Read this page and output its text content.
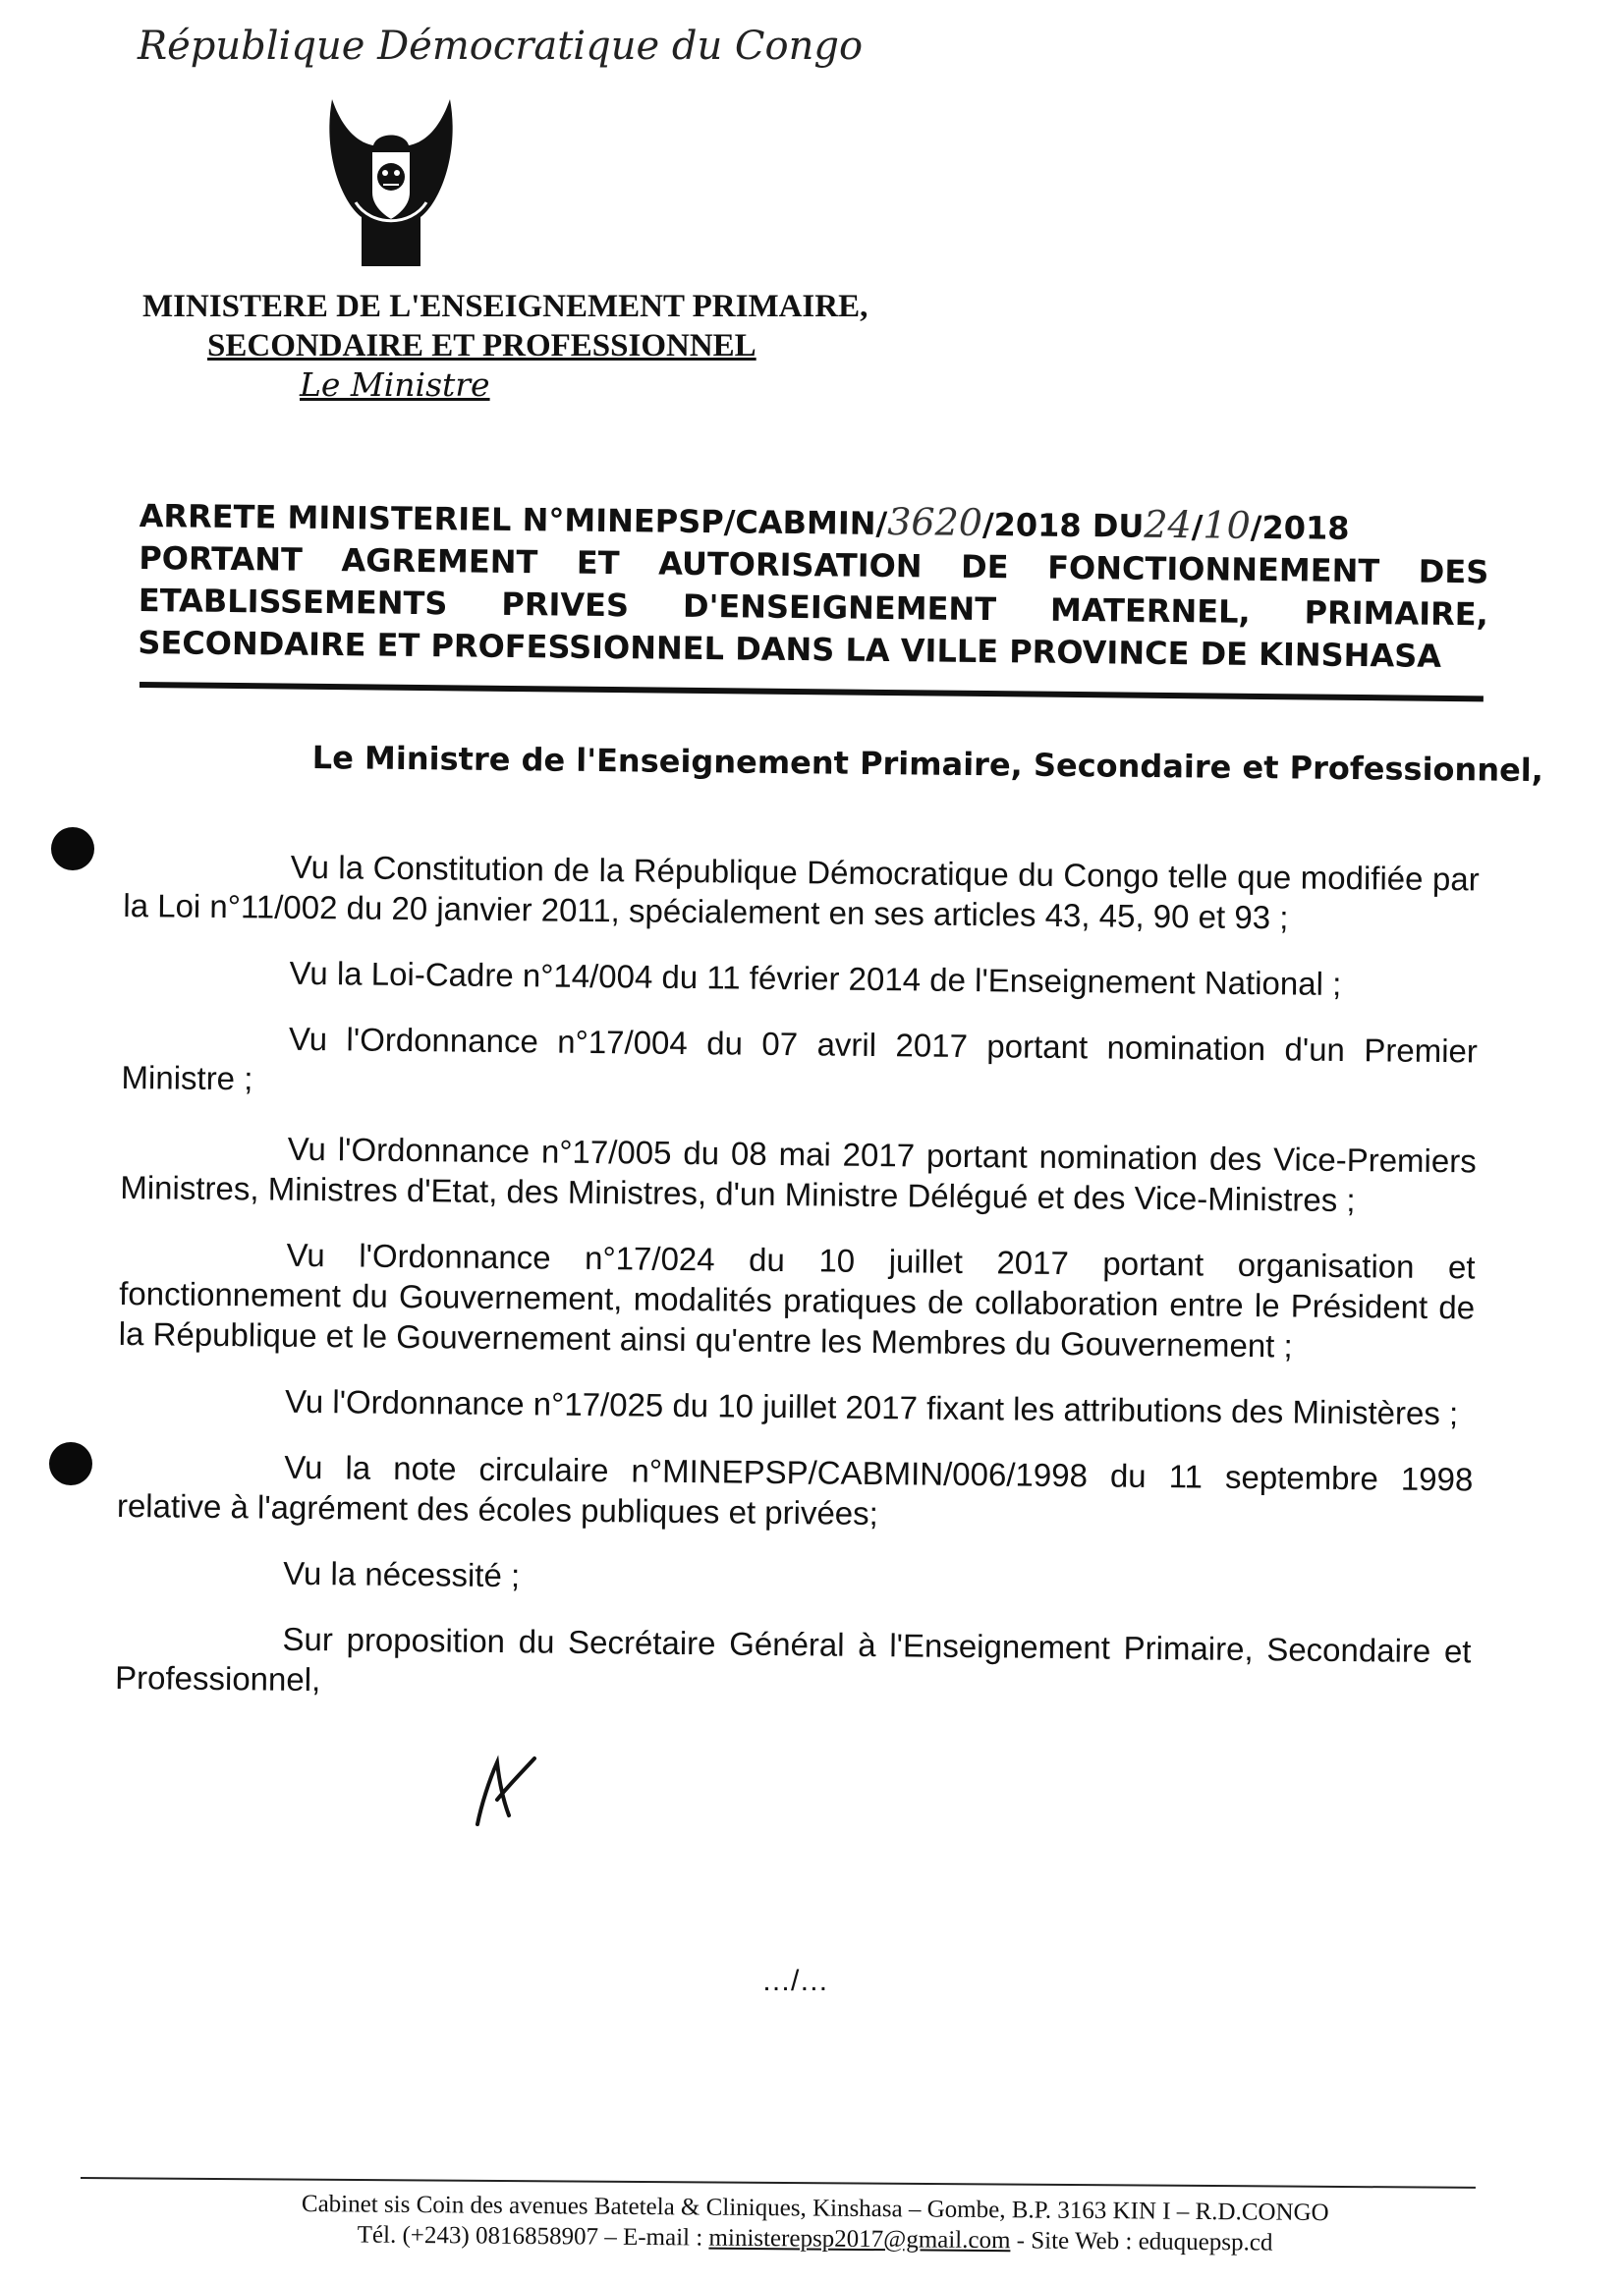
République Démocratique du Congo
MINISTERE DE L'ENSEIGNEMENT PRIMAIRE,
SECONDAIRE ET PROFESSIONNEL
Le Ministre
ARRETE MINISTERIEL N°MINEPSP/CABMIN/3620/2018 DU24/10/2018
PORTANT AGREMENT ET AUTORISATION DE FONCTIONNEMENT DES
ETABLISSEMENTS PRIVES D'ENSEIGNEMENT MATERNEL, PRIMAIRE,
SECONDAIRE ET PROFESSIONNEL DANS LA VILLE PROVINCE DE KINSHASA
Le Ministre de l'Enseignement Primaire, Secondaire et Professionnel,

Vu la Constitution de la République Démocratique du Congo telle que modifiée par la Loi n°11/002 du 20 janvier 2011, spécialement en ses articles 43, 45, 90 et 93 ;

Vu la Loi-Cadre n°14/004 du 11 février 2014 de l'Enseignement National ;

Vu l'Ordonnance n°17/004 du 07 avril 2017 portant nomination d'un Premier Ministre ;

Vu l'Ordonnance n°17/005 du 08 mai 2017 portant nomination des Vice-Premiers Ministres, Ministres d'Etat, des Ministres, d'un Ministre Délégué et des Vice-Ministres ;

Vu l'Ordonnance n°17/024 du 10 juillet 2017 portant organisation et fonctionnement du Gouvernement, modalités pratiques de collaboration entre le Président de la République et le Gouvernement ainsi qu'entre les Membres du Gouvernement ;

Vu l'Ordonnance n°17/025 du 10 juillet 2017 fixant les attributions des Ministères ;

Vu la note circulaire n°MINEPSP/CABMIN/006/1998 du 11 septembre 1998 relative à l'agrément des écoles publiques et privées;

Vu la nécessité ;

Sur proposition du Secrétaire Général à l'Enseignement Primaire, Secondaire et Professionnel,

…/…
Cabinet sis Coin des avenues Batetela & Cliniques, Kinshasa – Gombe, B.P. 3163 KIN I – R.D.CONGO
Tél. (+243) 0816858907 – E-mail : ministerepsp2017@gmail.com - Site Web : eduquepsp.cd
